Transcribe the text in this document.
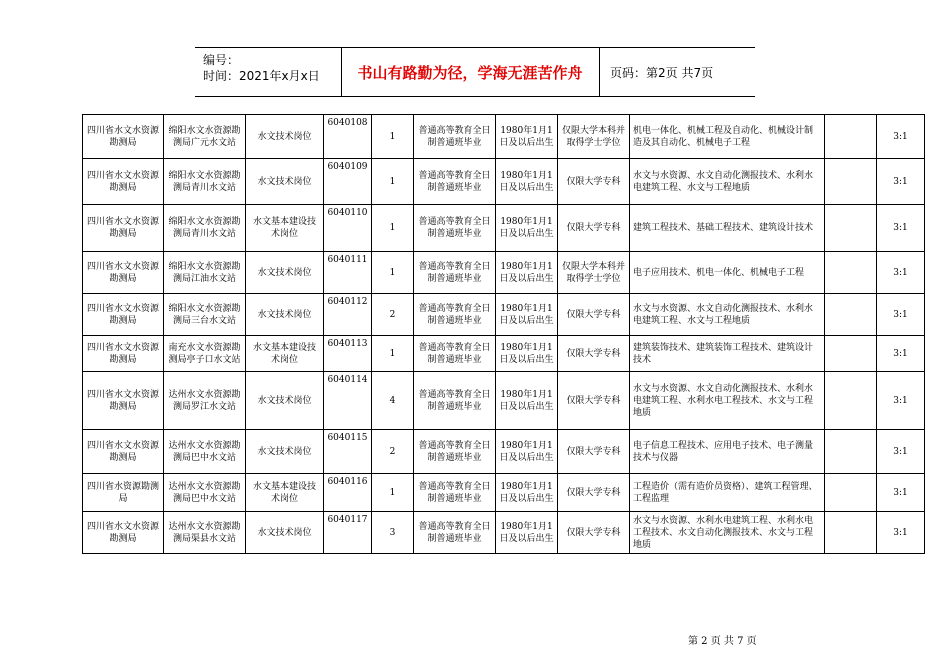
编号：
时间：2021年x月x日	书山有路勤为径，学海无涯苦作舟	页码：第2页 共7页
四川省水文水资源勘测局	绵阳水文水资源勘测局广元水文站	水文技术岗位	6040108	1	普通高等教育全日制普通班毕业	1980年1月1日及以后出生	仅限大学本科并取得学士学位	机电一体化、机械工程及自动化、机械设计制造及其自动化、机械电子工程		3:1
四川省水文水资源勘测局	绵阳水文水资源勘测局青川水文站	水文技术岗位	6040109	1	普通高等教育全日制普通班毕业	1980年1月1日及以后出生	仅限大学专科	水文与水资源、水文自动化测报技术、水利水电建筑工程、水文与工程地质		3:1
四川省水文水资源勘测局	绵阳水文水资源勘测局青川水文站	水文基本建设技术岗位	6040110	1	普通高等教育全日制普通班毕业	1980年1月1日及以后出生	仅限大学专科	建筑工程技术、基础工程技术、建筑设计技术		3:1
四川省水文水资源勘测局	绵阳水文水资源勘测局江油水文站	水文技术岗位	6040111	1	普通高等教育全日制普通班毕业	1980年1月1日及以后出生	仅限大学本科并取得学士学位	电子应用技术、机电一体化、机械电子工程		3:1
四川省水文水资源勘测局	绵阳水文水资源勘测局三台水文站	水文技术岗位	6040112	2	普通高等教育全日制普通班毕业	1980年1月1日及以后出生	仅限大学专科	水文与水资源、水文自动化测报技术、水利水电建筑工程、水文与工程地质		3:1
四川省水文水资源勘测局	南充水文水资源勘测局亭子口水文站	水文基本建设技术岗位	6040113	1	普通高等教育全日制普通班毕业	1980年1月1日及以后出生	仅限大学专科	建筑装饰技术、建筑装饰工程技术、建筑设计技术		3:1
四川省水文水资源勘测局	达州水文水资源勘测局罗江水文站	水文技术岗位	6040114	4	普通高等教育全日制普通班毕业	1980年1月1日及以后出生	仅限大学专科	水文与水资源、水文自动化测报技术、水利水电建筑工程、水利水电工程技术、水文与工程地质		3:1
四川省水文水资源勘测局	达州水文水资源勘测局巴中水文站	水文技术岗位	6040115	2	普通高等教育全日制普通班毕业	1980年1月1日及以后出生	仅限大学专科	电子信息工程技术、应用电子技术、电子测量技术与仪器		3:1
四川省水资源勘测局	达州水文水资源勘测局巴中水文站	水文基本建设技术岗位	6040116	1	普通高等教育全日制普通班毕业	1980年1月1日及以后出生	仅限大学专科	工程造价（需有造价员资格）、建筑工程管理、工程监理		3:1
四川省水文水资源勘测局	达州水文水资源勘测局渠县水文站	水文技术岗位	6040117	3	普通高等教育全日制普通班毕业	1980年1月1日及以后出生	仅限大学专科	水文与水资源、水利水电建筑工程、水利水电工程技术、水文自动化测报技术、水文与工程地质		3:1
第 2 页 共 7 页
